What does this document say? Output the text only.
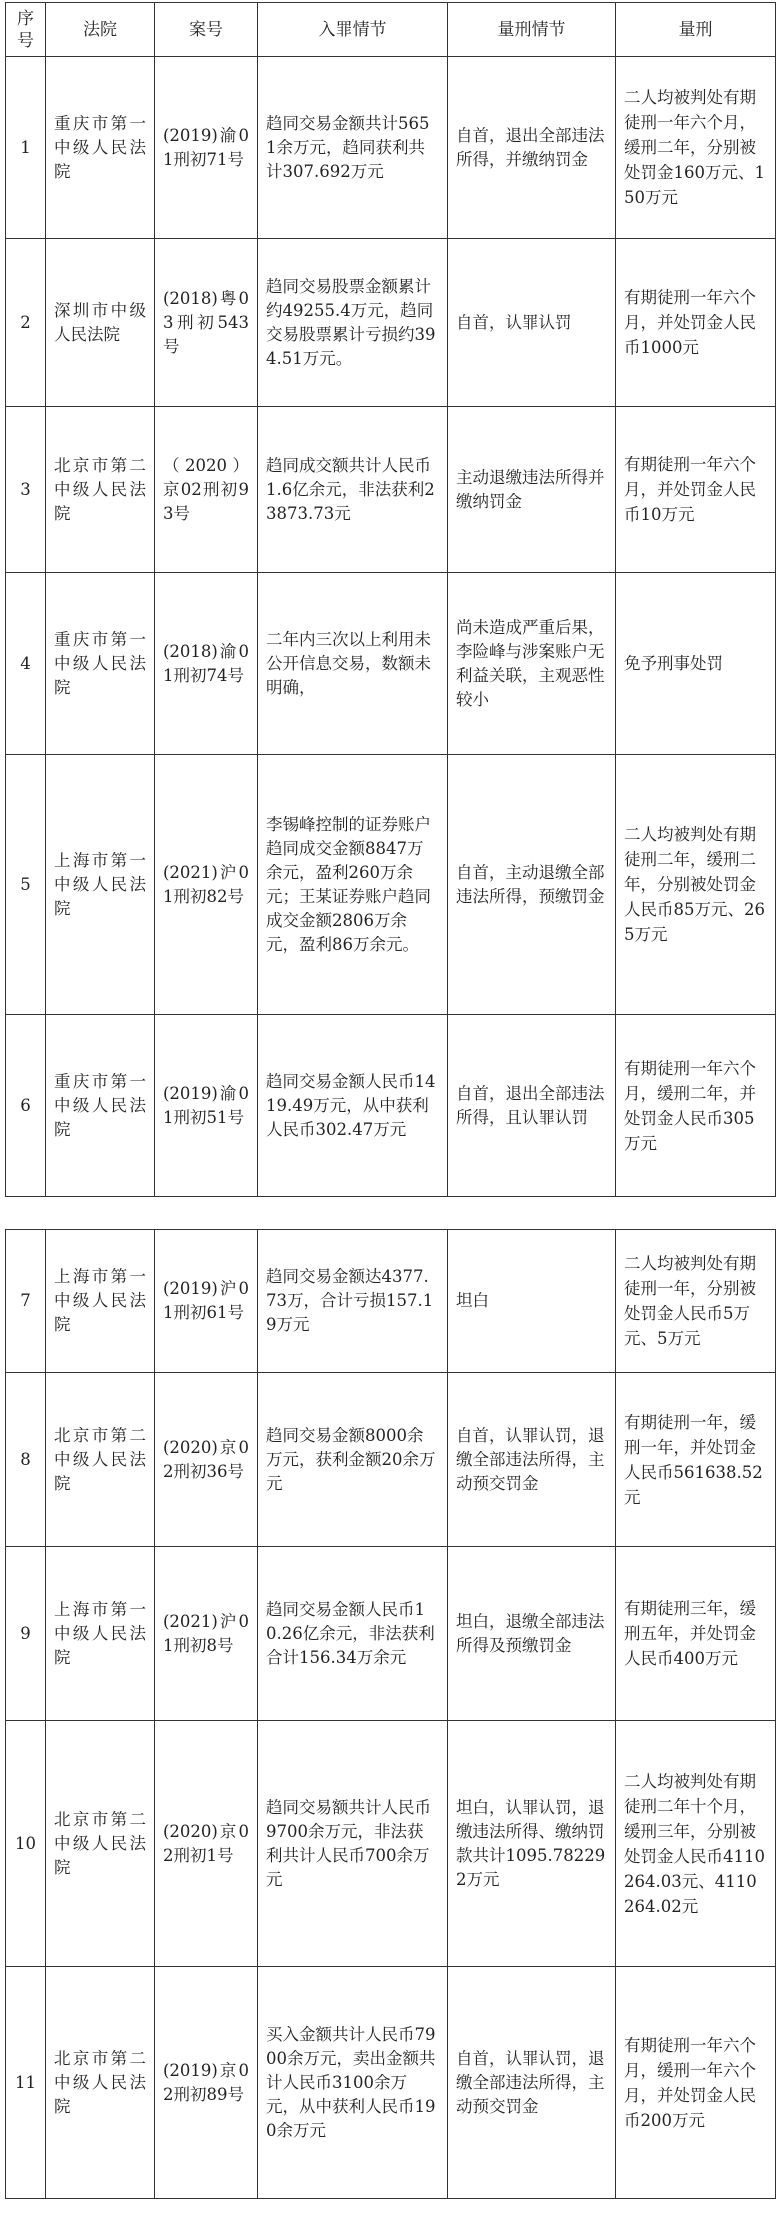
序
号	法院	案号	入罪情节	量刑情节	量刑
1	重庆市第一中级人民法院	(2019)渝01刑初71号	趋同交易金额共计5651余万元，趋同获利共计307.692万元	自首，退出全部违法所得，并缴纳罚金	二人均被判处有期徒刑一年六个月，缓刑二年，分别被处罚金160万元、150万元
2	深圳市中级人民法院	(2018)粤03刑初543号	趋同交易股票金额累计约49255.4万元，趋同交易股票累计亏损约394.51万元。	自首，认罪认罚	有期徒刑一年六个月，并处罚金人民币1000元
3	北京市第二中级人民法院	（2020）京02刑初93号	趋同成交额共计人民币1.6亿余元，非法获利23873.73元	主动退缴违法所得并缴纳罚金	有期徒刑一年六个月，并处罚金人民币10万元
4	重庆市第一中级人民法院	(2018)渝01刑初74号	二年内三次以上利用未公开信息交易，数额未明确，	尚未造成严重后果，李险峰与涉案账户无利益关联，主观恶性较小	免予刑事处罚
5	上海市第一中级人民法院	(2021)沪01刑初82号	李锡峰控制的证券账户趋同成交金额8847万余元，盈利260万余元；王某证券账户趋同成交金额2806万余元，盈利86万余元。	自首，主动退缴全部违法所得，预缴罚金	二人均被判处有期徒刑二年，缓刑二年，分别被处罚金人民币85万元、265万元
6	重庆市第一中级人民法院	(2019)渝01刑初51号	趋同交易金额人民币1419.49万元，从中获利人民币302.47万元	自首，退出全部违法所得，且认罪认罚	有期徒刑一年六个月，缓刑二年，并处罚金人民币305万元
7	上海市第一中级人民法院	(2019)沪01刑初61号	趋同交易金额达4377.73万，合计亏损157.19万元	坦白	二人均被判处有期徒刑一年，分别被处罚金人民币5万元、5万元
8	北京市第二中级人民法院	(2020)京02刑初36号	趋同交易金额8000余万元，获利金额20余万元	自首，认罪认罚，退缴全部违法所得，主动预交罚金	有期徒刑一年，缓刑一年，并处罚金人民币561638.52元
9	上海市第一中级人民法院	(2021)沪01刑初8号	趋同交易金额人民币10.26亿余元，非法获利合计156.34万余元	坦白，退缴全部违法所得及预缴罚金	有期徒刑三年，缓刑五年，并处罚金人民币400万元
10	北京市第二中级人民法院	(2020)京02刑初1号	趋同交易额共计人民币9700余万元，非法获利共计人民币700余万元	坦白，认罪认罚，退缴违法所得、缴纳罚款共计1095.782292万元	二人均被判处有期徒刑二年十个月，缓刑三年，分别被处罚金人民币4110264.03元、4110264.02元
11	北京市第二中级人民法院	(2019)京02刑初89号	买入金额共计人民币7900余万元，卖出金额共计人民币3100余万元，从中获利人民币190余万元	自首，认罪认罚，退缴全部违法所得，主动预交罚金	有期徒刑一年六个月，缓刑一年六个月，并处罚金人民币200万元
